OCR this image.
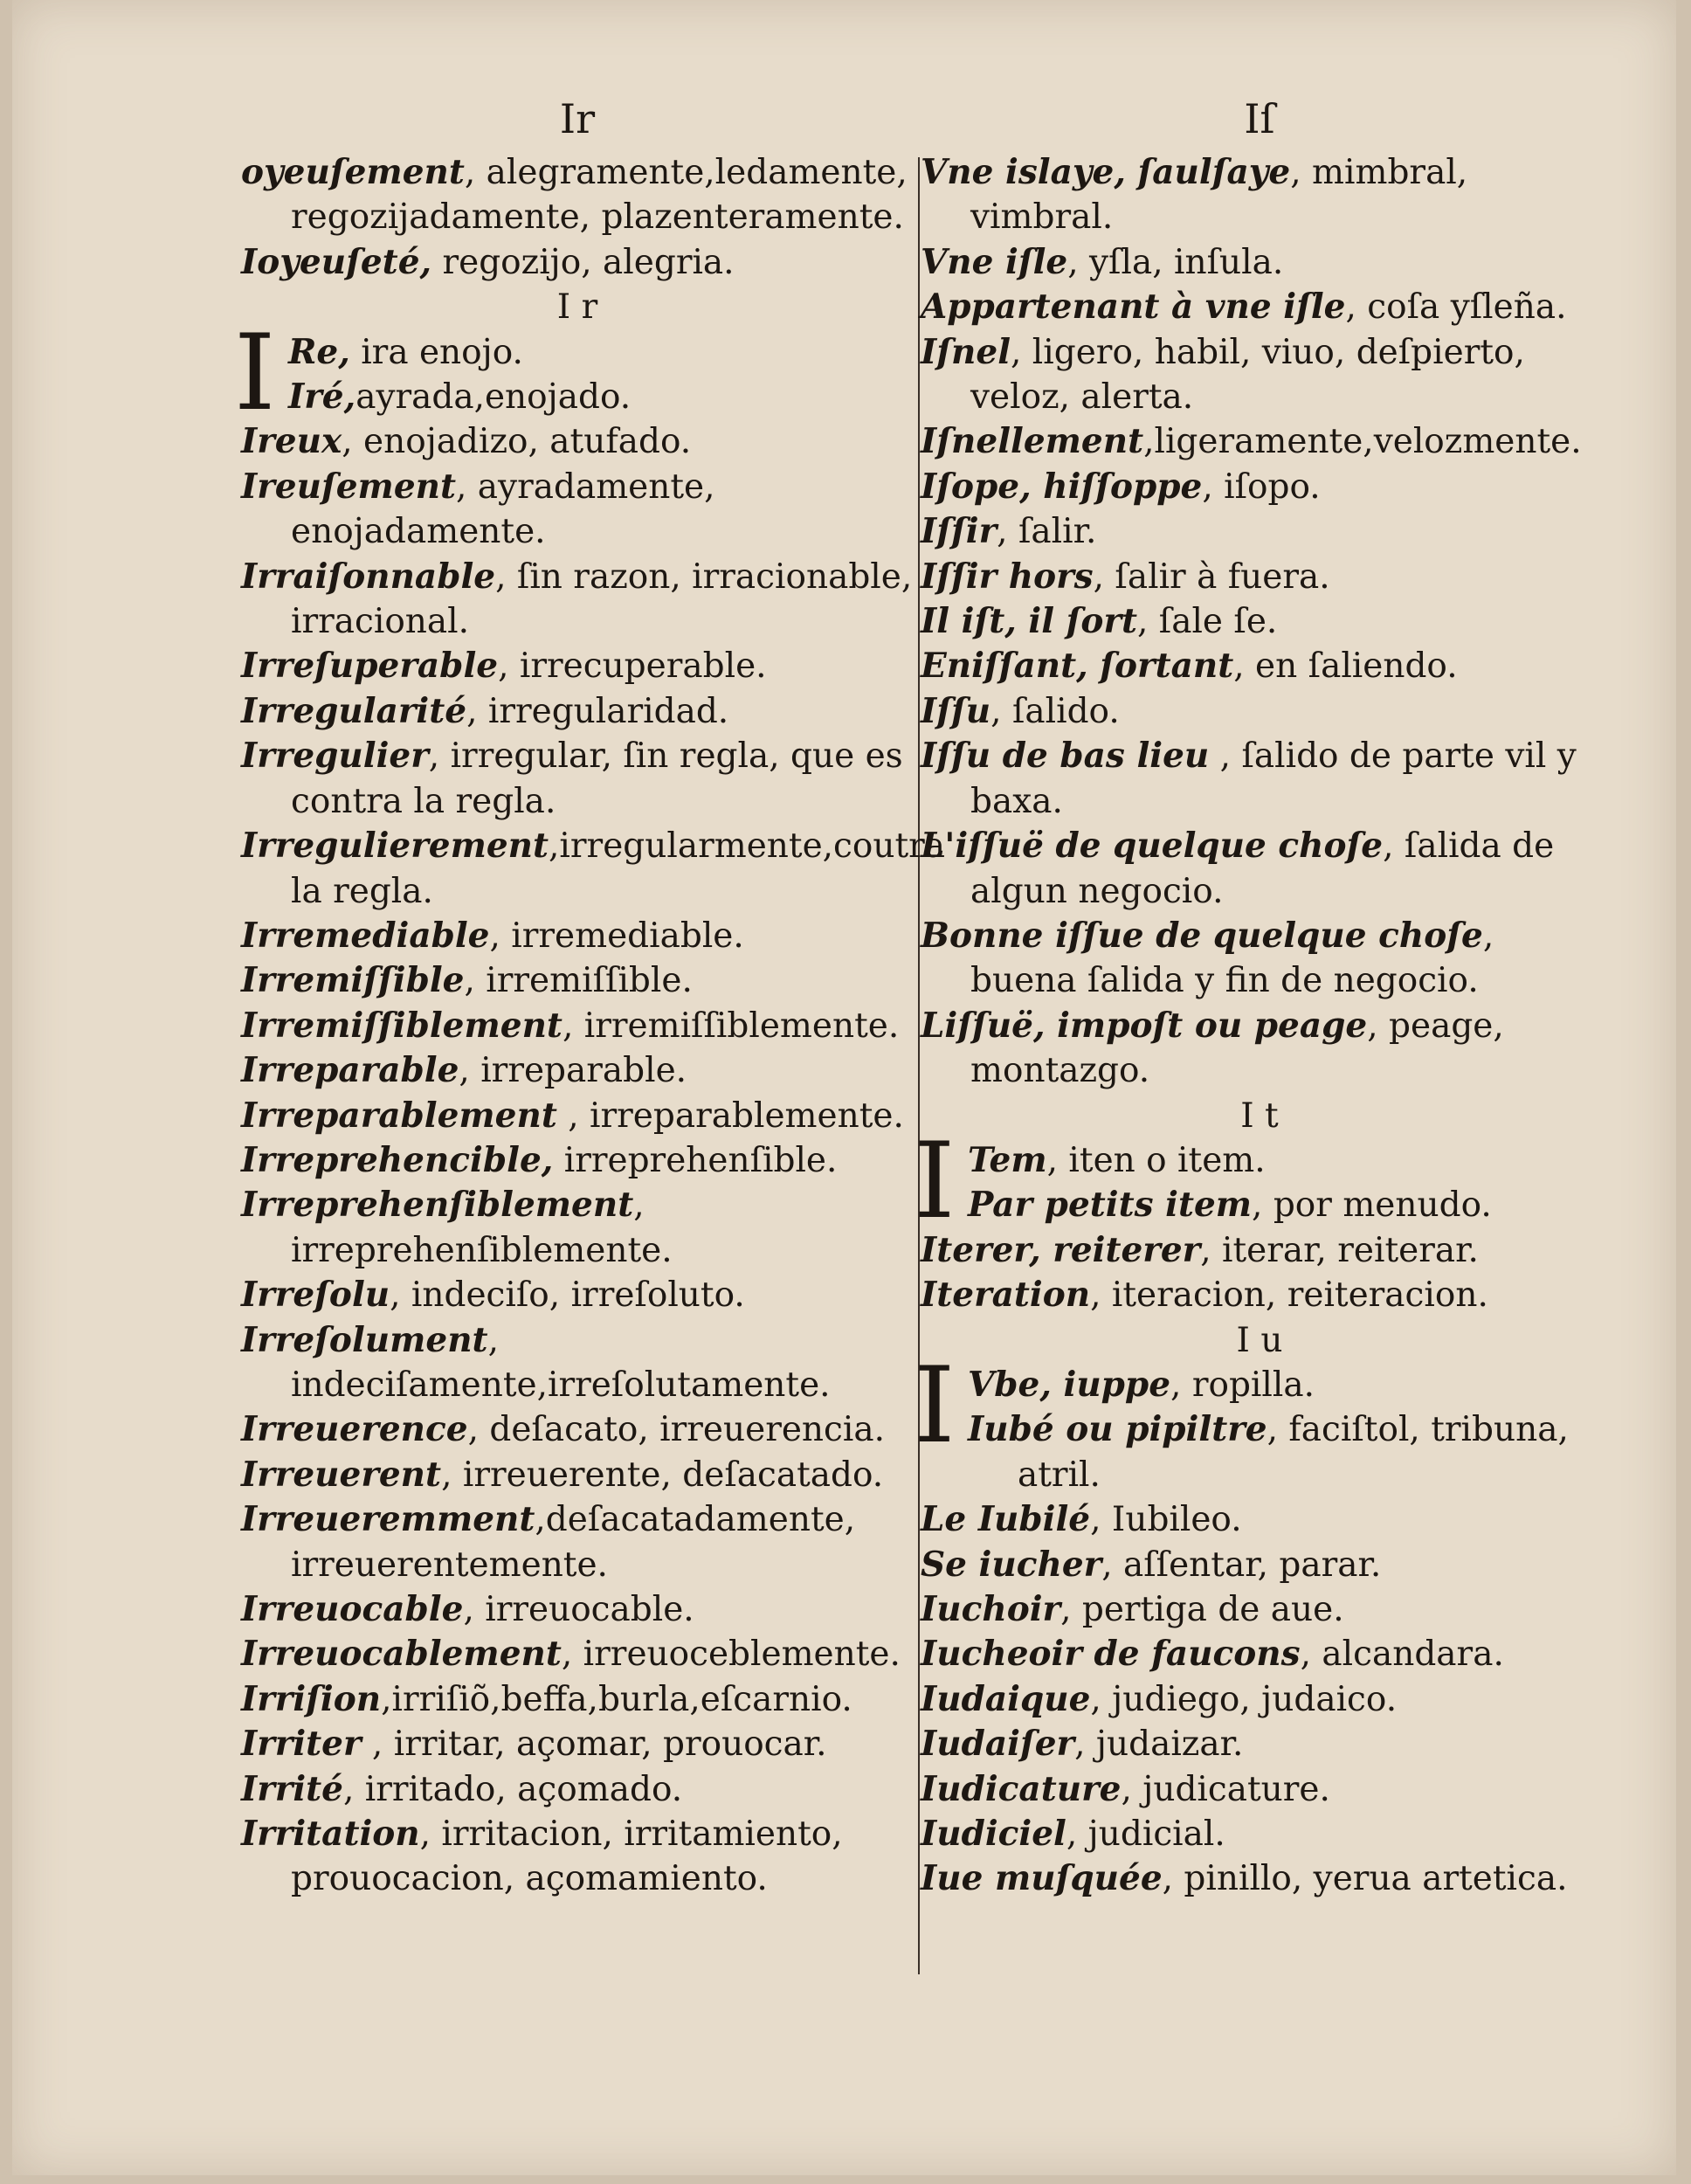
Ir

oyeuſement, alegramente,ledamente, regozijadamente, plazenteramente.

Ioyeuſeté, regozijo, alegria.

I r
I Re, ira enojo.

Iré,ayrada,enojado.

Ireux, enojadizo, atufado.

Ireuſement, ayradamente, enojadamente.

Irraiſonnable, ſin razon, irracionable, irracional.

Irreſuperable, irrecuperable.

Irregularité, irregularidad.

Irregulier, irregular, ſin regla, que es contra la regla.

Irregulierement,irregularmente,coutra la regla.

Irremediable, irremediable.

Irremiſſible, irremiſſible.

Irremiſſiblement, irremiſſiblemente.

Irreparable, irreparable.

Irreparablement , irreparablemente.

Irreprehencible, irreprehenſible.

Irreprehenſiblement, irreprehenſiblemente.

Irreſolu, indeciſo, irreſoluto.

Irreſolument, indeciſamente,irreſolutamente.

Irreuerence, deſacato, irreuerencia.

Irreuerent, irreuerente, deſacatado.

Irreueremment,deſacatadamente, irreuerentemente.

Irreuocable, irreuocable.

Irreuocablement, irreuoceblemente.

Irriſion,irriſiõ,beffa,burla,eſcarnio.

Irriter , irritar, açomar, prouocar.

Irrité, irritado, açomado.

Irritation, irritacion, irritamiento, prouocacion, açomamiento.

Iſ

Vne islaye, ſaulſaye, mimbral, vimbral.

Vne iſle, yſla, inſula.

Appartenant à vne iſle, coſa yſleña.

Iſnel, ligero, habil, viuo, deſpierto, veloz, alerta.

Iſnellement,ligeramente,velozmente.

Iſope, hiſſoppe, iſopo.

Iſſir, ſalir.

Iſſir hors, ſalir à fuera.

Il iſt, il ſort, ſale ſe.

Eniſſant, ſortant, en ſaliendo.

Iſſu, ſalido.

Iſſu de bas lieu , ſalido de parte vil y baxa.

L'iſſuë de quelque choſe, ſalida de algun negocio.

Bonne iſſue de quelque choſe, buena ſalida y fin de negocio.

Liſſuë, impoſt ou peage, peage, montazgo.

I t
I Tem, iten o item.

Par petits item, por menudo.

Iterer, reiterer, iterar, reiterar.

Iteration, iteracion, reiteracion.

I u
I Vbe, iuppe, ropilla.

Iubé ou pipiltre, faciſtol, tribuna, atril.

Le Iubilé, Iubileo.

Se iucher, aſſentar, parar.

Iuchoir, pertiga de aue.

Iucheoir de faucons, alcandara.

Iudaique, judiego, judaico.

Iudaiſer, judaizar.

Iudicature, judicature.

Iudiciel, judicial.

Iue muſquée, pinillo, yerua artetica.
